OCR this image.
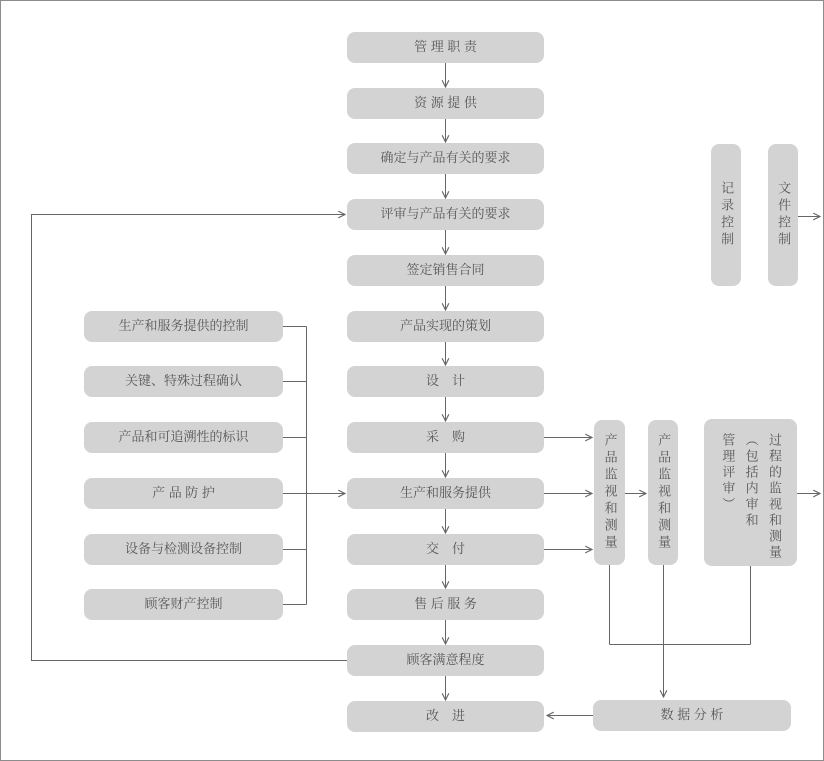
管 理 职 责
资 源 提 供
确定与产品有关的要求
评审与产品有关的要求
签定销售合同
产品实现的策划
设　计
采　购
生产和服务提供
交　付
售 后 服 务
顾客满意程度
改　进
生产和服务提供的控制
关键、特殊过程确认
产品和可追溯性的标识
产 品 防 护
设备与检测设备控制
顾客财产控制
产品监视和测量	产品监视和测量	管理评审︶ ︵包括内审和 过程的监视和测量
记录控制	文件控制
数 据 分 析
